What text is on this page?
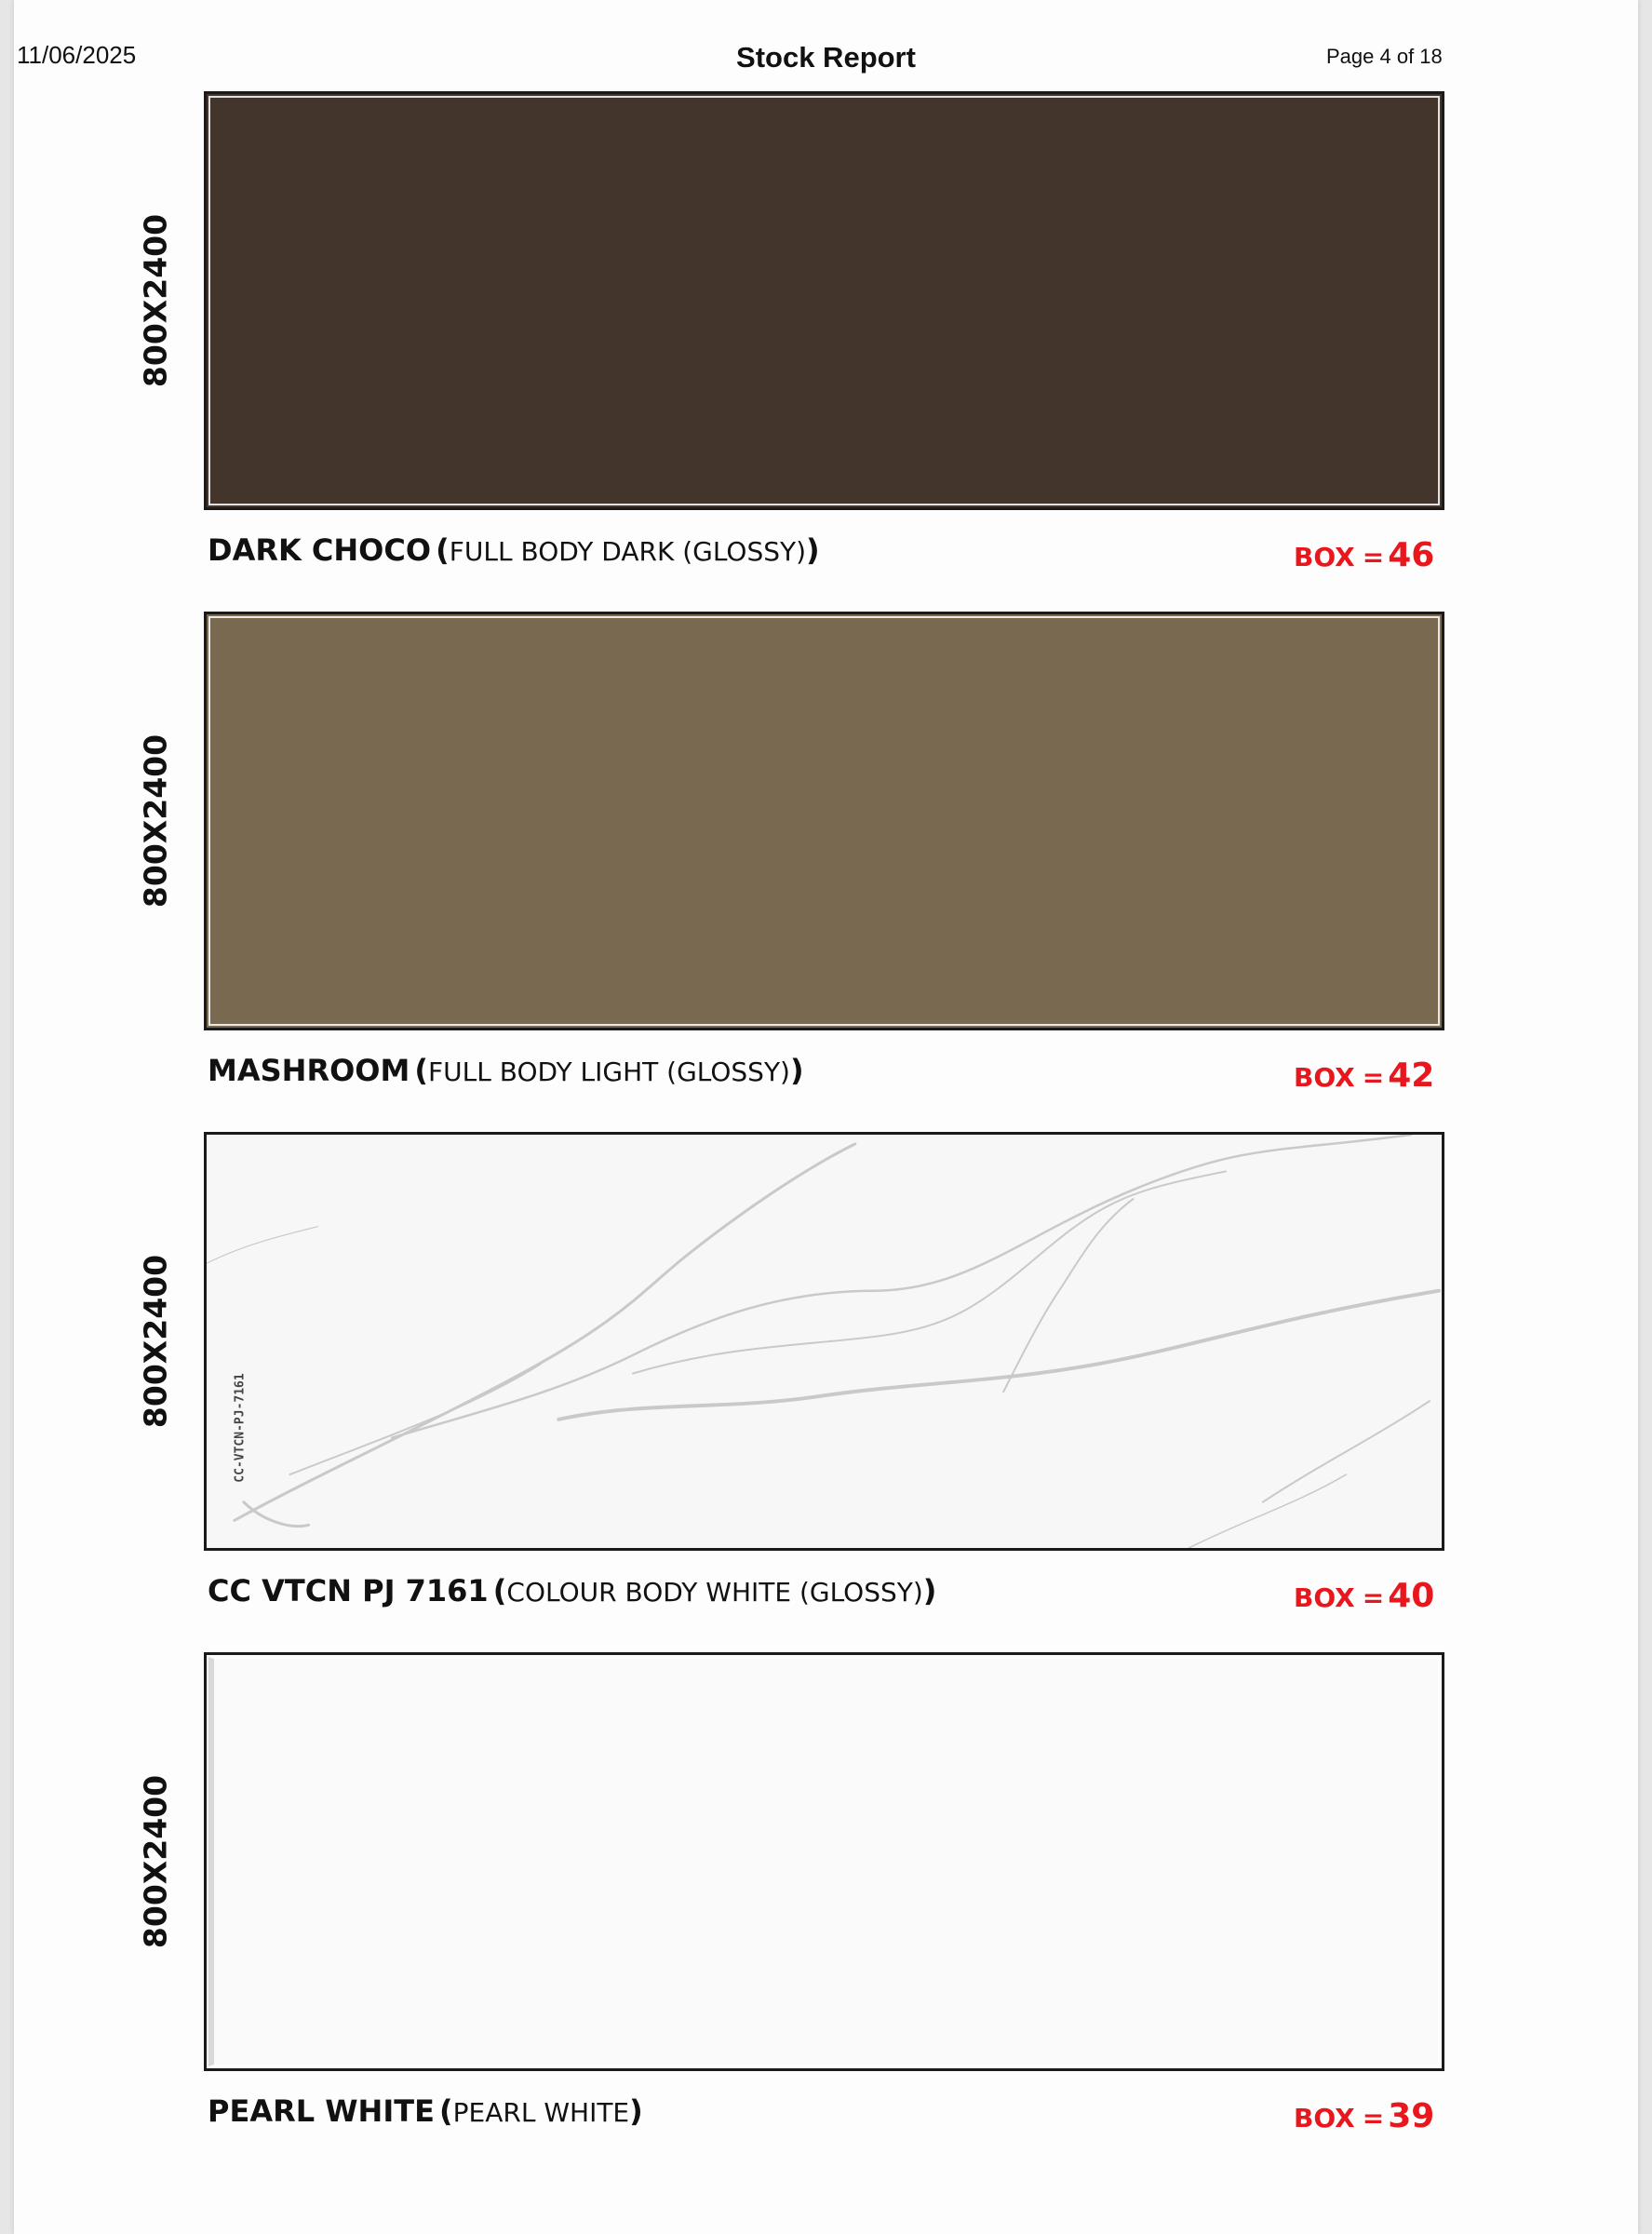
11/06/2025	Stock Report	Page 4 of 18
800X2400
DARK CHOCO (FULL BODY DARK (GLOSSY))	BOX = 46
800X2400
MASHROOM (FULL BODY LIGHT (GLOSSY))	BOX = 42
800X2400	CC-VTCN-PJ-7161
CC VTCN PJ 7161 (COLOUR BODY WHITE (GLOSSY))	BOX = 40
800X2400
PEARL WHITE (PEARL WHITE)	BOX = 39
